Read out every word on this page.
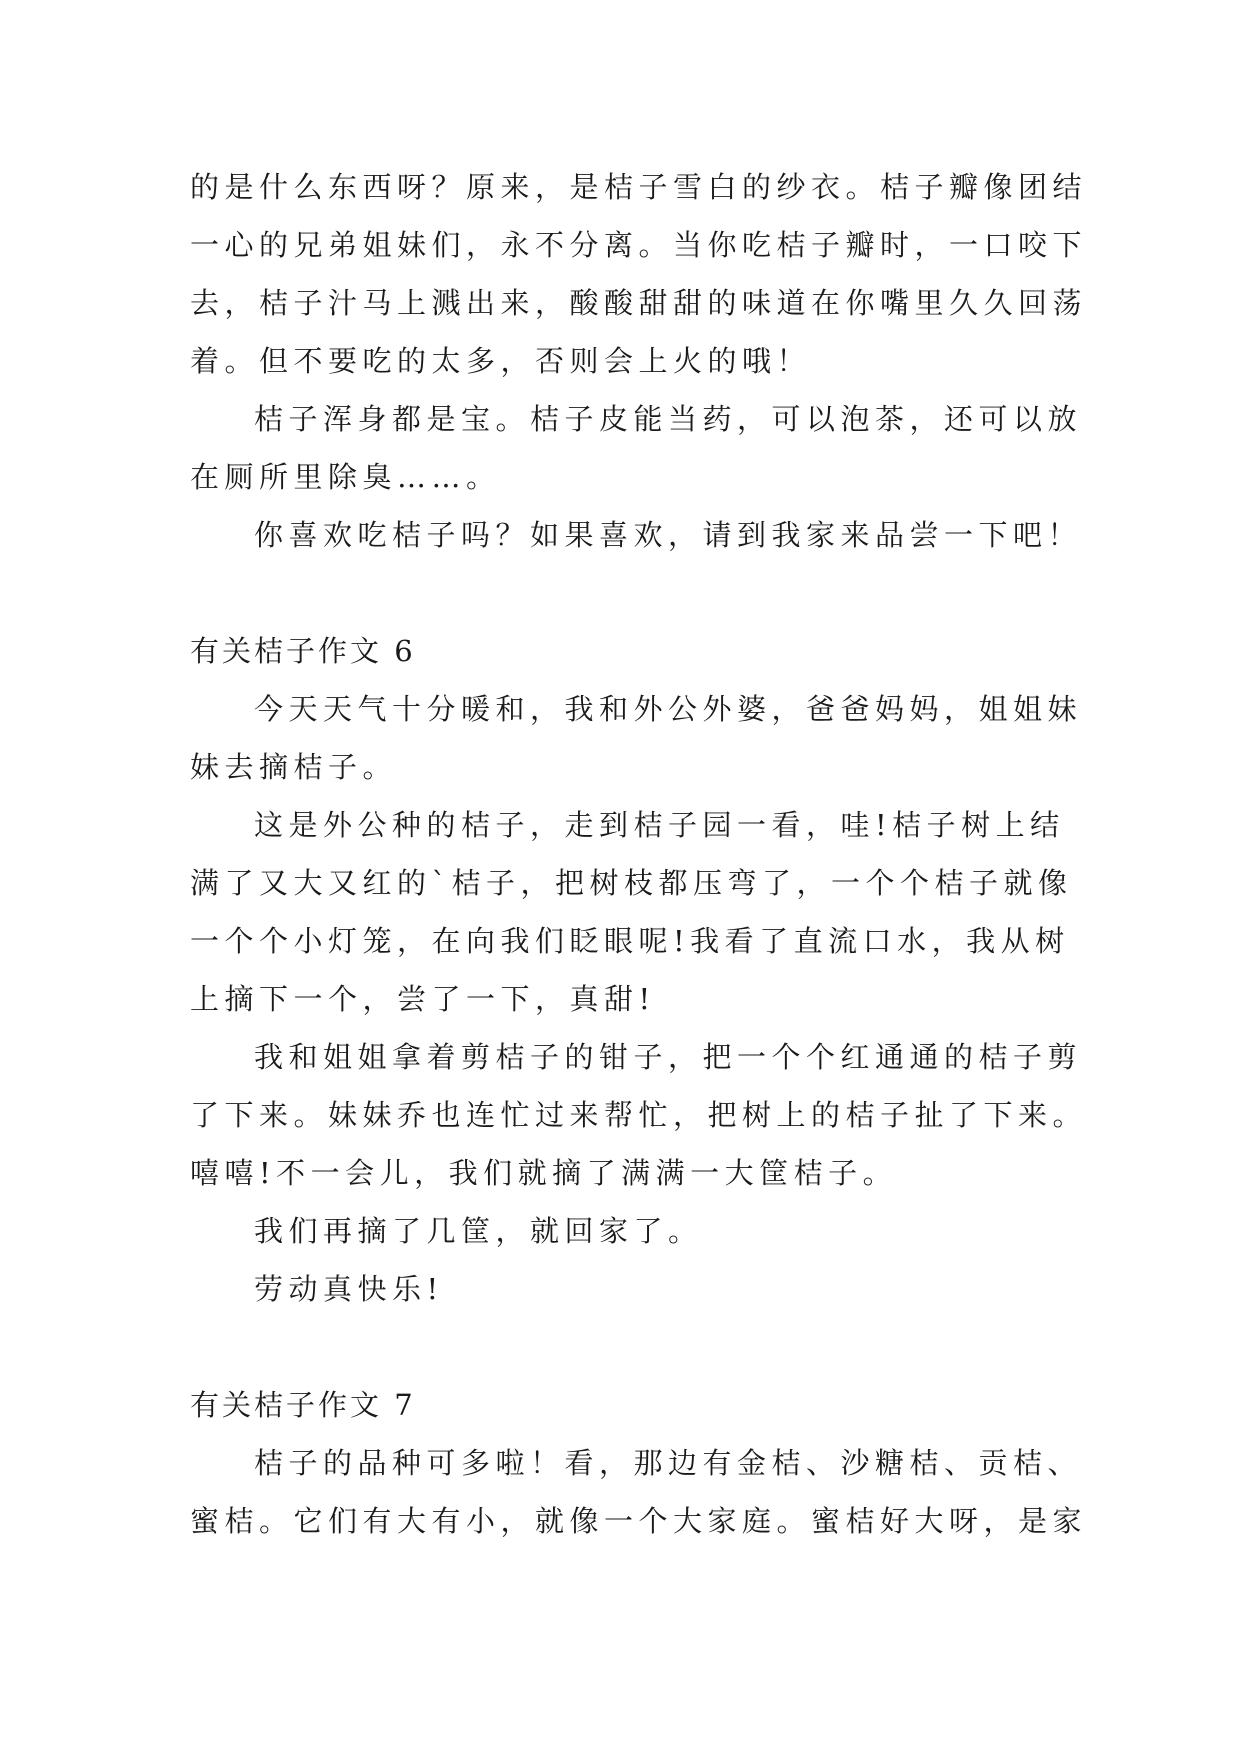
的是什么东西呀？原来，是桔子雪白的纱衣。桔子瓣像团结
一心的兄弟姐妹们，永不分离。当你吃桔子瓣时，一口咬下
去，桔子汁马上溅出来，酸酸甜甜的味道在你嘴里久久回荡
着。但不要吃的太多，否则会上火的哦！
桔子浑身都是宝。桔子皮能当药，可以泡茶，还可以放
在厕所里除臭……。
你喜欢吃桔子吗？如果喜欢，请到我家来品尝一下吧！
有关桔子作文 6
今天天气十分暖和，我和外公外婆，爸爸妈妈，姐姐妹
妹去摘桔子。
这是外公种的桔子，走到桔子园一看，哇!桔子树上结
满了又大又红的`桔子，把树枝都压弯了，一个个桔子就像
一个个小灯笼，在向我们眨眼呢!我看了直流口水，我从树
上摘下一个，尝了一下，真甜!
我和姐姐拿着剪桔子的钳子，把一个个红通通的桔子剪
了下来。妹妹乔也连忙过来帮忙，把树上的桔子扯了下来。
嘻嘻!不一会儿，我们就摘了满满一大筐桔子。
我们再摘了几筐，就回家了。
劳动真快乐!
有关桔子作文 7
桔子的品种可多啦！看，那边有金桔、沙糖桔、贡桔、
蜜桔。它们有大有小，就像一个大家庭。蜜桔好大呀，是家
